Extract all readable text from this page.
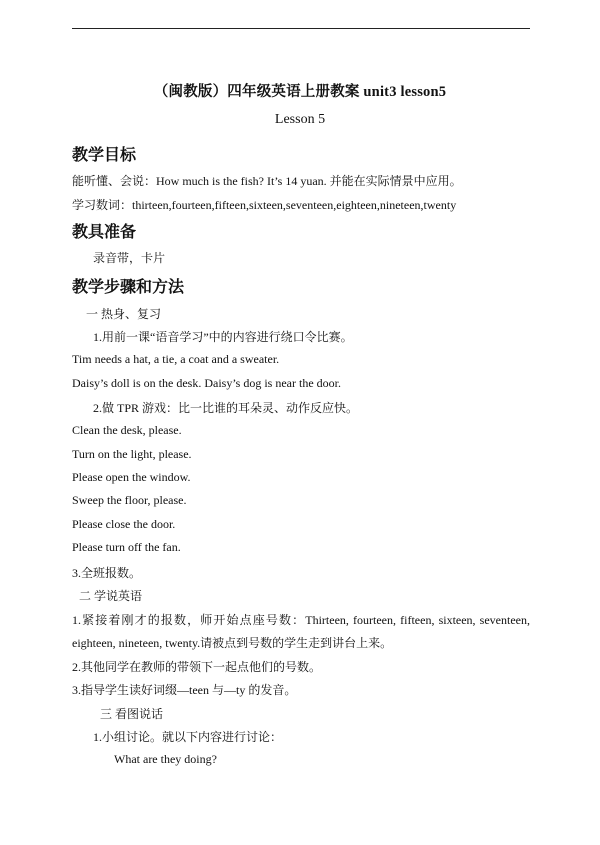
（闽教版）四年级英语上册教案 unit3 lesson5
Lesson 5
教学目标
能听懂、会说：How much is the fish? It’s 14 yuan. 并能在实际情景中应用。
学习数词：thirteen,fourteen,fifteen,sixteen,seventeen,eighteen,nineteen,twenty
教具准备
录音带，卡片
教学步骤和方法
一 热身、复习
1.用前一课“语音学习”中的内容进行绕口令比赛。
Tim needs a hat, a tie, a coat and a sweater.
Daisy’s doll is on the desk. Daisy’s dog is near the door.
2.做 TPR 游戏：比一比谁的耳朵灵、动作反应快。
Clean the desk, please.
Turn on the light, please.
Please open the window.
Sweep the floor, please.
Please close the door.
Please turn off the fan.
3.全班报数。
二 学说英语
1.紧接着刚才的报数，师开始点座号数：Thirteen, fourteen, fifteen, sixteen, seventeen,
eighteen, nineteen, twenty.请被点到号数的学生走到讲台上来。
2.其他同学在教师的带领下一起点他们的号数。
3.指导学生读好词缀—teen 与—ty 的发音。
三 看图说话
1.小组讨论。就以下内容进行讨论：
What are they doing?
